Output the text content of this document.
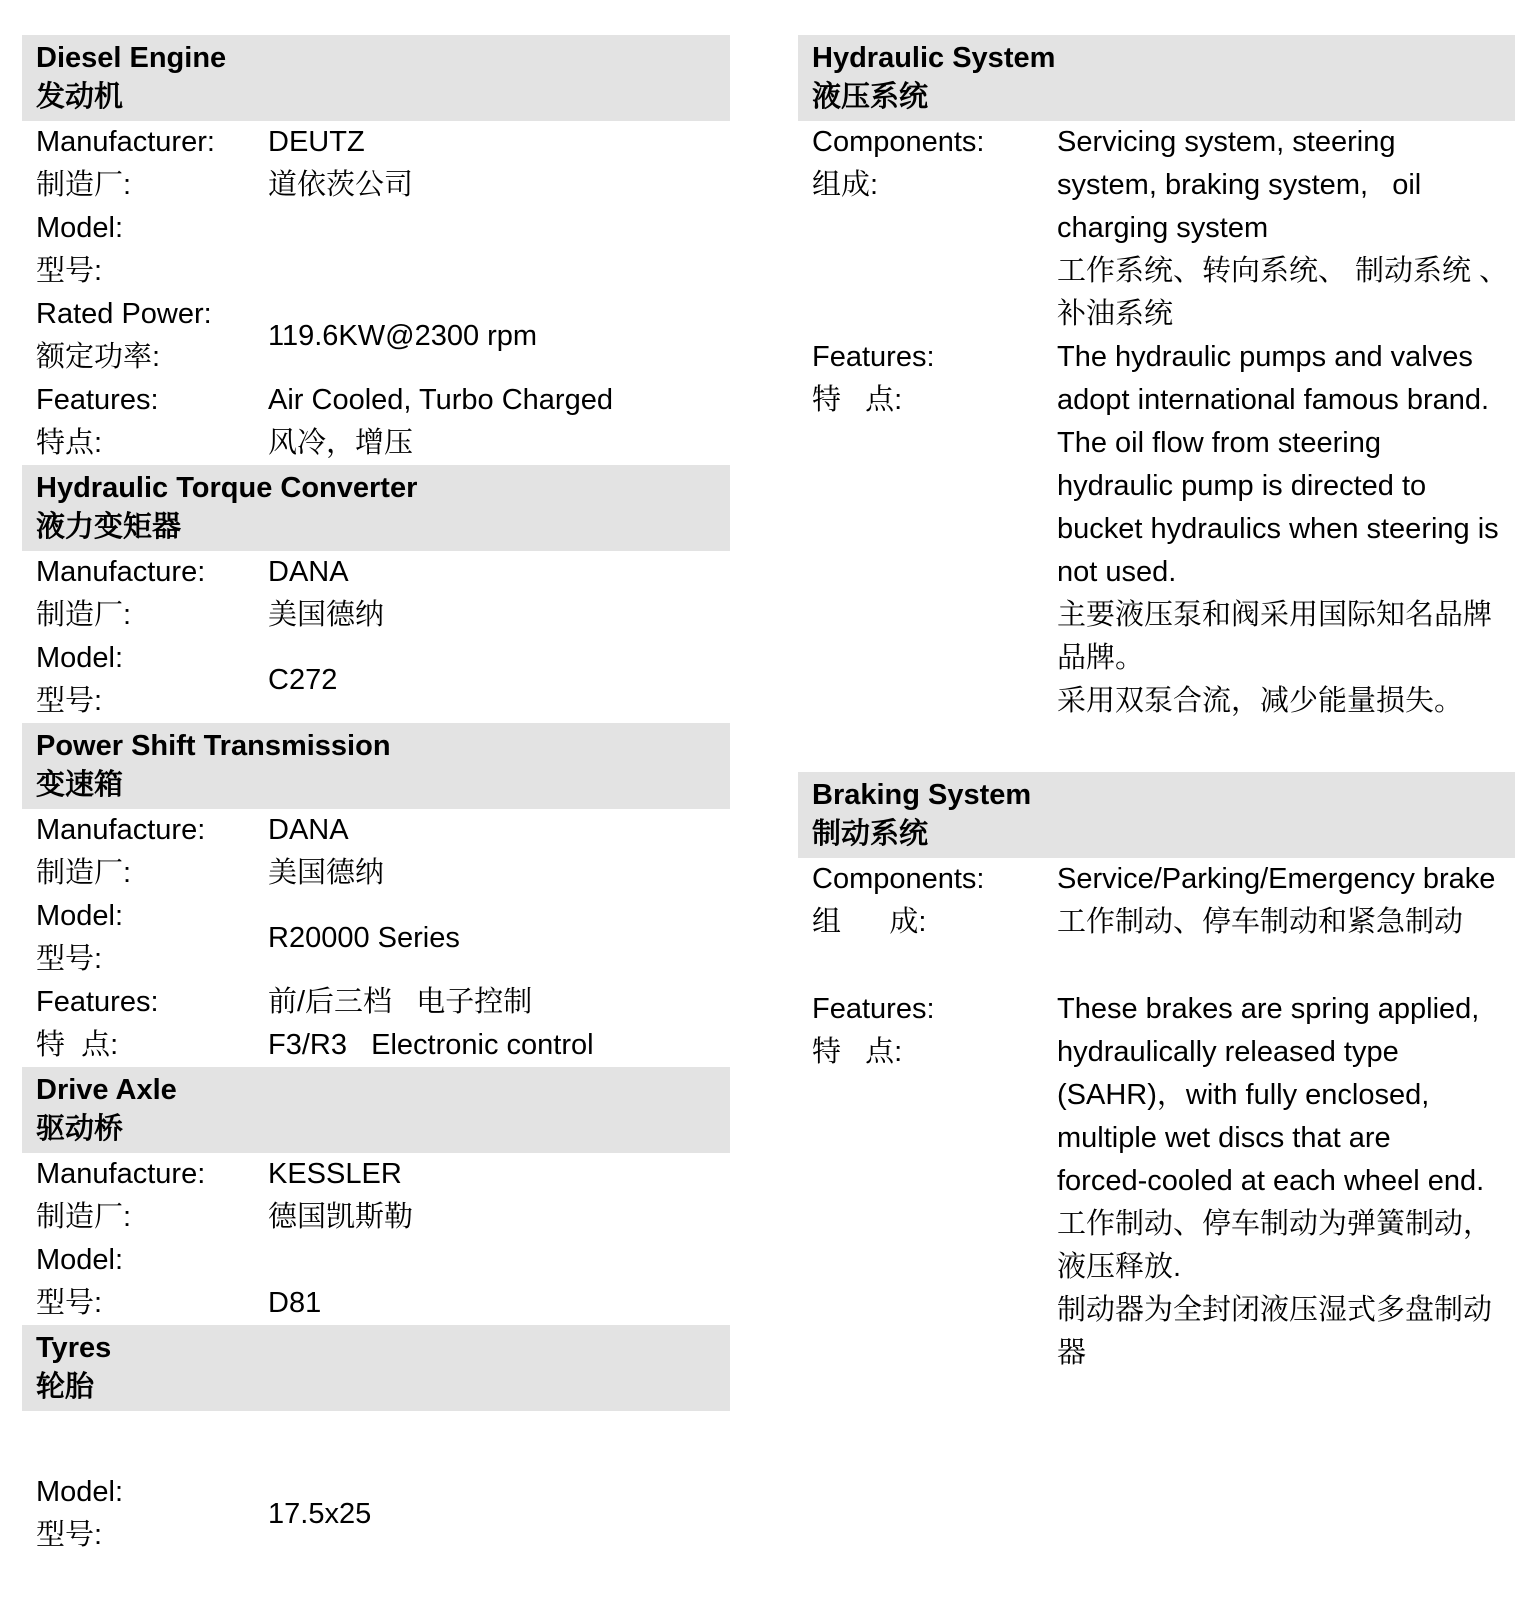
Diesel Engine
发动机
Manufacturer:
制造厂:
DEUTZ
道依茨公司
Model:
型号:
Rated Power:
额定功率:
119.6KW@2300 rpm
Features:
特点:
Air Cooled, Turbo Charged
风冷，增压
Hydraulic Torque Converter
液力变矩器
Manufacture:
制造厂:
DANA
美国德纳
Model:
型号:
C272
Power Shift Transmission
变速箱
Manufacture:
制造厂:
DANA
美国德纳
Model:
型号:
R20000 Series
Features:
特  点:
前/后三档   电子控制
F3/R3   Electronic control
Drive Axle
驱动桥
Manufacture:
制造厂:
KESSLER
德国凯斯勒
Model:
型号:	D81
Tyres
轮胎
Model:
型号:
17.5x25
Hydraulic System
液压系统
Components:
组成:
Servicing system, steering
system, braking system,   oil
charging system
工作系统、转向系统、 制动系统 、
补油系统
Features:
特   点:
The hydraulic pumps and valves
adopt international famous brand.
The oil flow from steering
hydraulic pump is directed to
bucket hydraulics when steering is
not used.
主要液压泵和阀采用国际知名品牌
品牌。
采用双泵合流，减少能量损失。
Braking System
制动系统
Components:
组      成:
Service/Parking/Emergency brake
工作制动、停车制动和紧急制动
Features:
特   点:
These brakes are spring applied,
hydraulically released type
(SAHR)，with fully enclosed,
multiple wet discs that are
forced-cooled at each wheel end.
工作制动、停车制动为弹簧制动，
液压释放.
制动器为全封闭液压湿式多盘制动
器
